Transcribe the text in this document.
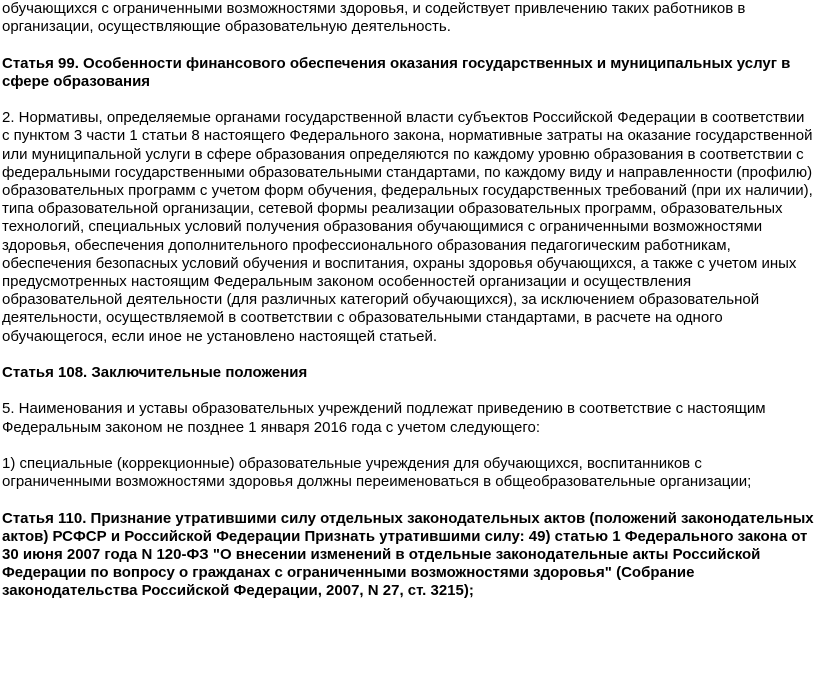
обучающихся с ограниченными возможностями здоровья, и содействует привлечению таких работников в организации, осуществляющие образовательную деятельность.

Статья 99. Особенности финансового обеспечения оказания государственных и муниципальных услуг в сфере образования

2. Нормативы, определяемые органами государственной власти субъектов Российской Федерации в соответствии с пунктом 3 части 1 статьи 8 настоящего Федерального закона, нормативные затраты на оказание государственной или муниципальной услуги в сфере образования определяются по каждому уровню образования в соответствии с федеральными государственными образовательными стандартами, по каждому виду и направленности (профилю) образовательных программ с учетом форм обучения, федеральных государственных требований (при их наличии), типа образовательной организации, сетевой формы реализации образовательных программ, образовательных технологий, специальных условий получения образования обучающимися с ограниченными возможностями здоровья, обеспечения дополнительного профессионального образования педагогическим работникам, обеспечения безопасных условий обучения и воспитания, охраны здоровья обучающихся, а также с учетом иных предусмотренных настоящим Федеральным законом особенностей организации и осуществления образовательной деятельности (для различных категорий обучающихся), за исключением образовательной деятельности, осуществляемой в соответствии с образовательными стандартами, в расчете на одного обучающегося, если иное не установлено настоящей статьей.

Статья 108. Заключительные положения

5. Наименования и уставы образовательных учреждений подлежат приведению в соответствие с настоящим Федеральным законом не позднее 1 января 2016 года с учетом следующего:

1) специальные (коррекционные) образовательные учреждения для обучающихся, воспитанников с ограниченными возможностями здоровья должны переименоваться в общеобразовательные организации;

Статья 110. Признание утратившими силу отдельных законодательных актов (положений законодательных актов) РСФСР и Российской Федерации Признать утратившими силу: 49) статью 1 Федерального закона от 30 июня 2007 года N 120-ФЗ "О внесении изменений в отдельные законодательные акты Российской Федерации по вопросу о гражданах с ограниченными возможностями здоровья" (Собрание законодательства Российской Федерации, 2007, N 27, ст. 3215);
